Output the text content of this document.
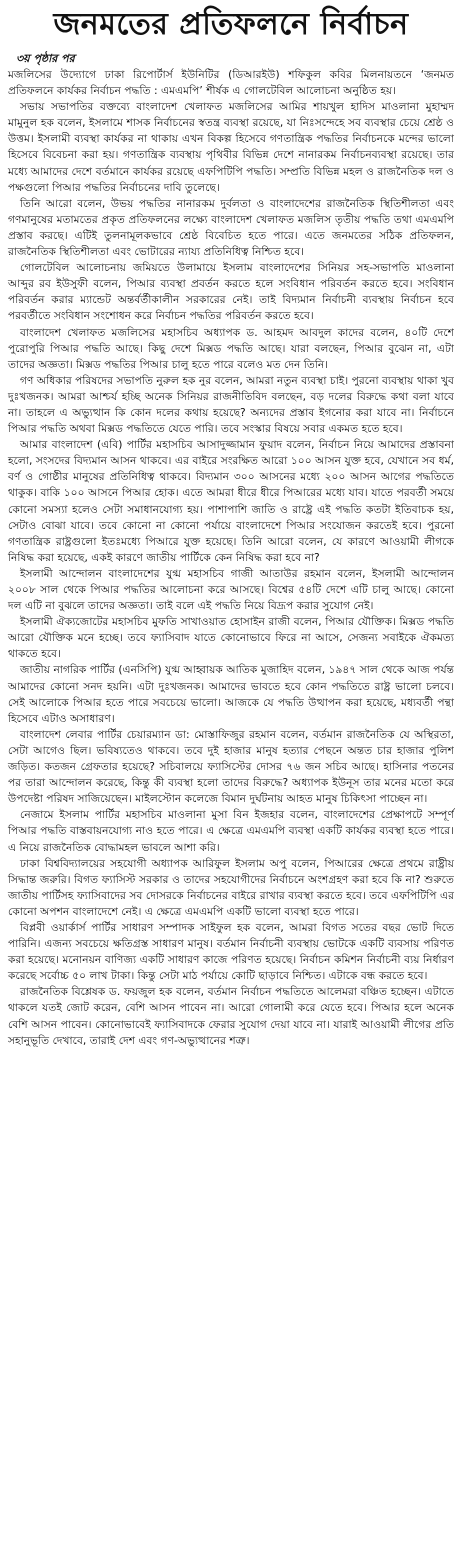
জনমতের প্রতিফলনে নির্বাচন
৩য় পৃষ্ঠার পর

মজলিসের উদ্যোগে ঢাকা রিপোর্টার্স ইউনিটির (ডিআরইউ) শফিকুল কবির মিলনায়তনে ‘জনমত প্রতিফলনে কার্যকর নির্বাচন পদ্ধতি : এমএমপি’ শীর্ষক এ গোলটেবিল আলোচনা অনুষ্ঠিত হয়।

সভায় সভাপতির বক্তব্যে বাংলাদেশ খেলাফত মজলিসের আমির শায়খুল হাদিস মাওলানা মুহাম্মদ মামুনুল হক বলেন, ইসলামে শাসক নির্বাচনের স্বতন্ত্র ব্যবস্থা রয়েছে, যা নিঃসন্দেহে সব ব্যবস্থার চেয়ে শ্রেষ্ঠ ও উত্তম। ইসলামী ব্যবস্থা কার্যকর না থাকায় এখন বিকল্প হিসেবে গণতান্ত্রিক পদ্ধতির নির্বাচনকে মন্দের ভালো হিসেবে বিবেচনা করা হয়। গণতান্ত্রিক ব্যবস্থায় পৃথিবীর বিভিন্ন দেশে নানারকম নির্বাচনব্যবস্থা রয়েছে। তার মধ্যে আমাদের দেশে বর্তমানে কার্যকর রয়েছে এফপিটিপি পদ্ধতি। সম্প্রতি বিভিন্ন মহল ও রাজনৈতিক দল ও পক্ষগুলো পিআর পদ্ধতির নির্বাচনের দাবি তুলেছে।

তিনি আরো বলেন, উভয় পদ্ধতির নানারকম দুর্বলতা ও বাংলাদেশের রাজনৈতিক স্থিতিশীলতা এবং গণমানুষের মতামতের প্রকৃত প্রতিফলনের লক্ষ্যে বাংলাদেশ খেলাফত মজলিস তৃতীয় পদ্ধতি তথা এমএমপি প্রস্তাব করছে। এটিই তুলনামূলকভাবে শ্রেষ্ঠ বিবেচিত হতে পারে। এতে জনমতের সঠিক প্রতিফলন, রাজনৈতিক স্থিতিশীলতা এবং ভোটারের ন্যায্য প্রতিনিধিত্ব নিশ্চিত হবে।

গোলটেবিল আলোচনায় জমিয়তে উলামায়ে ইসলাম বাংলাদেশের সিনিয়র সহ-সভাপতি মাওলানা আব্দুর রব ইউসুফী বলেন, পিআর ব্যবস্থা প্রবর্তন করতে হলে সংবিধান পরিবর্তন করতে হবে। সংবিধান পরিবর্তন করার ম্যান্ডেট অন্তর্বর্তীকালীন সরকারের নেই। তাই বিদ্যমান নির্বাচনী ব্যবস্থায় নির্বাচন হবে পরবর্তীতে সংবিধান সংশোধন করে নির্বাচন পদ্ধতির পরিবর্তন করতে হবে।

বাংলাদেশ খেলাফত মজলিসের মহাসচিব অধ্যাপক ড. আহমদ আবদুল কাদের বলেন, ৪০টি দেশে পুরোপুরি পিআর পদ্ধতি আছে। কিছু দেশে মিক্সড পদ্ধতি আছে। যারা বলছেন, পিআর বুঝেন না, এটা তাদের অজ্ঞতা। মিক্সড পদ্ধতির পিআর চালু হতে পারে বলেও মত দেন তিনি।

গণ অধিকার পরিষদের সভাপতি নুরুল হক নুর বলেন, আমরা নতুন ব্যবস্থা চাই। পুরনো ব্যবস্থায় থাকা খুব দুঃখজনক। আমরা আশ্চর্য হচ্ছি অনেক সিনিয়র রাজনীতিবিদ বলছেন, বড় দলের বিরুদ্ধে কথা বলা যাবে না। তাহলে এ অভ্যুত্থান কি কোন দলের কথায় হয়েছে? অন্যদের প্রস্তাব ইগনোর করা যাবে না। নির্বাচনে পিআর পদ্ধতি অথবা মিক্সড পদ্ধতিতে যেতে পারি। তবে সংস্কার বিষয়ে সবার একমত হতে হবে।

আমার বাংলাদেশ (এবি) পার্টির মহাসচিব আসাদুজ্জামান ফুয়াদ বলেন, নির্বাচন নিয়ে আমাদের প্রস্তাবনা হলো, সংসদের বিদ্যমান আসন থাকবে। এর বাইরে সংরক্ষিত আরো ১০০ আসন যুক্ত হবে, যেখানে সব ধর্ম, বর্ণ ও গোষ্ঠীর মানুষের প্রতিনিধিত্ব থাকবে। বিদ্যমান ৩০০ আসনের মধ্যে ২০০ আসন আগের পদ্ধতিতে থাকুক। বাকি ১০০ আসনে পিআর হোক। এতে আমরা ধীরে ধীরে পিআরের মধ্যে যাব। যাতে পরবর্তী সময়ে কোনো সমস্যা হলেও সেটা সমাধানযোগ্য হয়। পাশাপাশি জাতি ও রাষ্ট্রে এই পদ্ধতি কতটা ইতিবাচক হয়, সেটাও বোঝা যাবে। তবে কোনো না কোনো পর্যায়ে বাংলাদেশে পিআর সংযোজন করতেই হবে। পুরনো গণতান্ত্রিক রাষ্ট্রগুলো ইতঃমধ্যে পিআরে যুক্ত হয়েছে। তিনি আরো বলেন, যে কারণে আওয়ামী লীগকে নিষিদ্ধ করা হয়েছে, একই কারণে জাতীয় পার্টিকে কেন নিষিদ্ধ করা হবে না?

ইসলামী আন্দোলন বাংলাদেশের যুগ্ম মহাসচিব গাজী আতাউর রহমান বলেন, ইসলামী আন্দোলন ২০০৮ সাল থেকে পিআর পদ্ধতির আলোচনা করে আসছে। বিশ্বের ৫৪টি দেশে এটি চালু আছে। কোনো দল এটি না বুঝলে তাদের অজ্ঞতা। তাই বলে এই পদ্ধতি নিয়ে বিদ্রূপ করার সুযোগ নেই।

ইসলামী ঐক্যজোটের মহাসচিব মুফতি সাখাওয়াত হোসাইন রাজী বলেন, পিআর যৌক্তিক। মিক্সড পদ্ধতি আরো যৌক্তিক মনে হচ্ছে। তবে ফ্যাসিবাদ যাতে কোনোভাবে ফিরে না আসে, সেজন্য সবাইকে ঐকমত্য থাকতে হবে।

জাতীয় নাগরিক পার্টির (এনসিপি) যুগ্ম আহ্বায়ক আতিক মুজাহিদ বলেন, ১৯৪৭ সাল থেকে আজ পর্যন্ত আমাদের কোনো সনদ হয়নি। এটা দুঃখজনক। আমাদের ভাবতে হবে কোন পদ্ধতিতে রাষ্ট্র ভালো চলবে। সেই আলোকে পিআর হতে পারে সবচেয়ে ভালো। আজকে যে পদ্ধতি উত্থাপন করা হয়েছে, মধ্যবর্তী পন্থা হিসেবে এটাও অসাধারণ।

বাংলাদেশ লেবার পার্টির চেয়ারম্যান ডা: মোস্তাফিজুর রহমান বলেন, বর্তমান রাজনৈতিক যে অস্থিরতা, সেটা আগেও ছিল। ভবিষ্যতেও থাকবে। তবে দুই হাজার মানুষ হত্যার পেছনে অন্তত চার হাজার পুলিশ জড়িত। কতজন গ্রেফতার হয়েছে? সচিবালয়ে ফ্যাসিস্টের দোসর ৭৬ জন সচিব আছে। হাসিনার পতনের পর তারা আন্দোলন করেছে, কিন্তু কী ব্যবস্থা হলো তাদের বিরুদ্ধে? অধ্যাপক ইউনূস তার মনের মতো করে উপদেষ্টা পরিষদ সাজিয়েছেন। মাইলস্টোন কলেজে বিমান দুর্ঘটনায় আহত মানুষ চিকিৎসা পাচ্ছেন না।

নেজামে ইসলাম পার্টির মহাসচিব মাওলানা মুসা বিন ইজহার বলেন, বাংলাদেশের প্রেক্ষাপটে সম্পূর্ণ পিআর পদ্ধতি বাস্তবায়নযোগ্য নাও হতে পারে। এ ক্ষেত্রে এমএমপি ব্যবস্থা একটি কার্যকর ব্যবস্থা হতে পারে। এ নিয়ে রাজনৈতিক বোদ্ধামহল ভাবলে আশা করি।

ঢাকা বিশ্ববিদ্যালয়ের সহযোগী অধ্যাপক আরিফুল ইসলাম অপু বলেন, পিআরের ক্ষেত্রে প্রথমে রাষ্ট্রীয় সিদ্ধান্ত জরুরি। বিগত ফ্যাসিস্ট সরকার ও তাদের সহযোগীদের নির্বাচনে অংশগ্রহণ করা হবে কি না? শুরুতে জাতীয় পার্টিসহ ফ্যাসিবাদের সব দোসরকে নির্বাচনের বাইরে রাখার ব্যবস্থা করতে হবে। তবে এফপিটিপি এর কোনো অপশন বাংলাদেশে নেই। এ ক্ষেত্রে এমএমপি একটি ভালো ব্যবস্থা হতে পারে।

বিপ্লবী ওয়ার্কার্স পার্টির সাধারণ সম্পাদক সাইফুল হক বলেন, আমরা বিগত সতের বছর ভোট দিতে পারিনি। এজন্য সবচেয়ে ক্ষতিগ্রস্ত সাধারণ মানুষ। বর্তমান নির্বাচনী ব্যবস্থায় ভোটকে একটি ব্যবসায় পরিণত করা হয়েছে। মনোনয়ন বাণিজ্য একটি সাধারণ কাজে পরিণত হয়েছে। নির্বাচন কমিশন নির্বাচনী ব্যয় নির্ধারণ করেছে সর্বোচ্চ ৫০ লাখ টাকা। কিন্তু সেটা মাঠ পর্যায়ে কোটি ছাড়াবে নিশ্চিত। এটাকে বন্ধ করতে হবে।

রাজনৈতিক বিশ্লেষক ড. ফয়জুল হক বলেন, বর্তমান নির্বাচন পদ্ধতিতে আলেমরা বঞ্চিত হচ্ছেন। এটাতে থাকলে যতই জোট করেন, বেশি আসন পাবেন না। আরো গোলামী করে যেতে হবে। পিআর হলে অনেক বেশি আসন পাবেন। কোনোভাবেই ফ্যাসিবাদকে ফেরার সুযোগ দেয়া যাবে না। যারাই আওয়ামী লীগের প্রতি সহানুভূতি দেখাবে, তারাই দেশ এবং গণ-অভ্যুত্থানের শত্রু।
